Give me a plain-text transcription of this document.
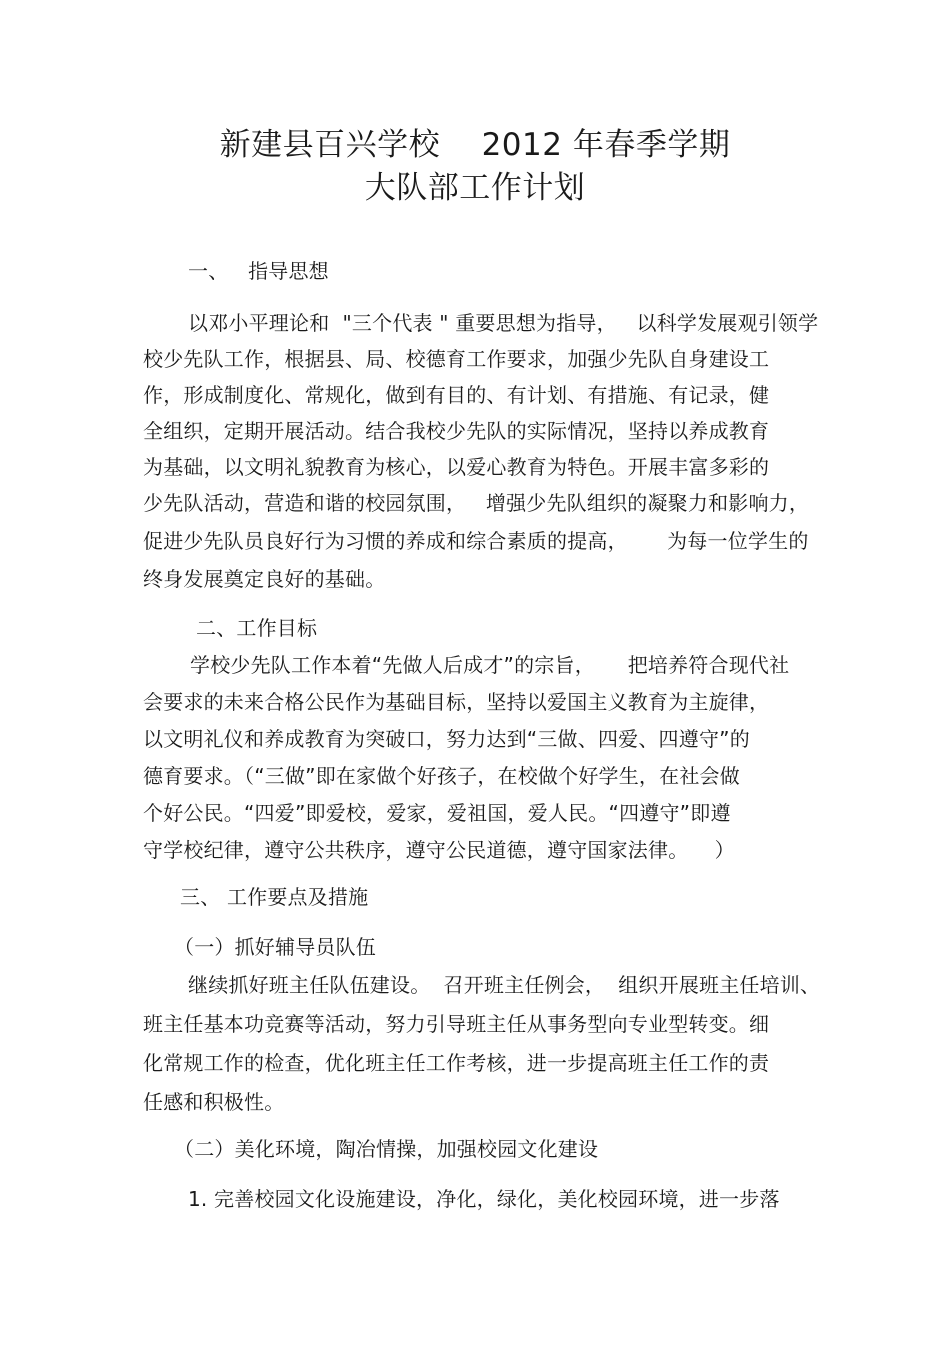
新建县百兴学校    2012 年春季学期
大队部工作计划
一、   指导思想
以邓小平理论和  "三个代表 " 重要思想为指导，   以科学发展观引领学
校少先队工作，根据县、局、校德育工作要求，加强少先队自身建设工
作，形成制度化、常规化，做到有目的、有计划、有措施、有记录，健
全组织，定期开展活动。结合我校少先队的实际情况，坚持以养成教育
为基础，以文明礼貌教育为核心，以爱心教育为特色。开展丰富多彩的
少先队活动，营造和谐的校园氛围，   增强少先队组织的凝聚力和影响力，
促进少先队员良好行为习惯的养成和综合素质的提高，      为每一位学生的
终身发展奠定良好的基础。
二、工作目标
学校少先队工作本着“先做人后成才”的宗旨，     把培养符合现代社
会要求的未来合格公民作为基础目标，坚持以爱国主义教育为主旋律，
以文明礼仪和养成教育为突破口，努力达到“三做、四爱、四遵守”的
德育要求。（“三做”即在家做个好孩子，在校做个好学生，在社会做
个好公民。“四爱”即爱校，爱家，爱祖国，爱人民。“四遵守”即遵
守学校纪律，遵守公共秩序，遵守公民道德，遵守国家法律。    ）
三、 工作要点及措施
（一）抓好辅导员队伍
继续抓好班主任队伍建设。  召开班主任例会，  组织开展班主任培训、
班主任基本功竞赛等活动，努力引导班主任从事务型向专业型转变。细
化常规工作的检查，优化班主任工作考核，进一步提高班主任工作的责
任感和积极性。
（二）美化环境，陶冶情操，加强校园文化建设
1. 完善校园文化设施建设，净化，绿化，美化校园环境，进一步落
